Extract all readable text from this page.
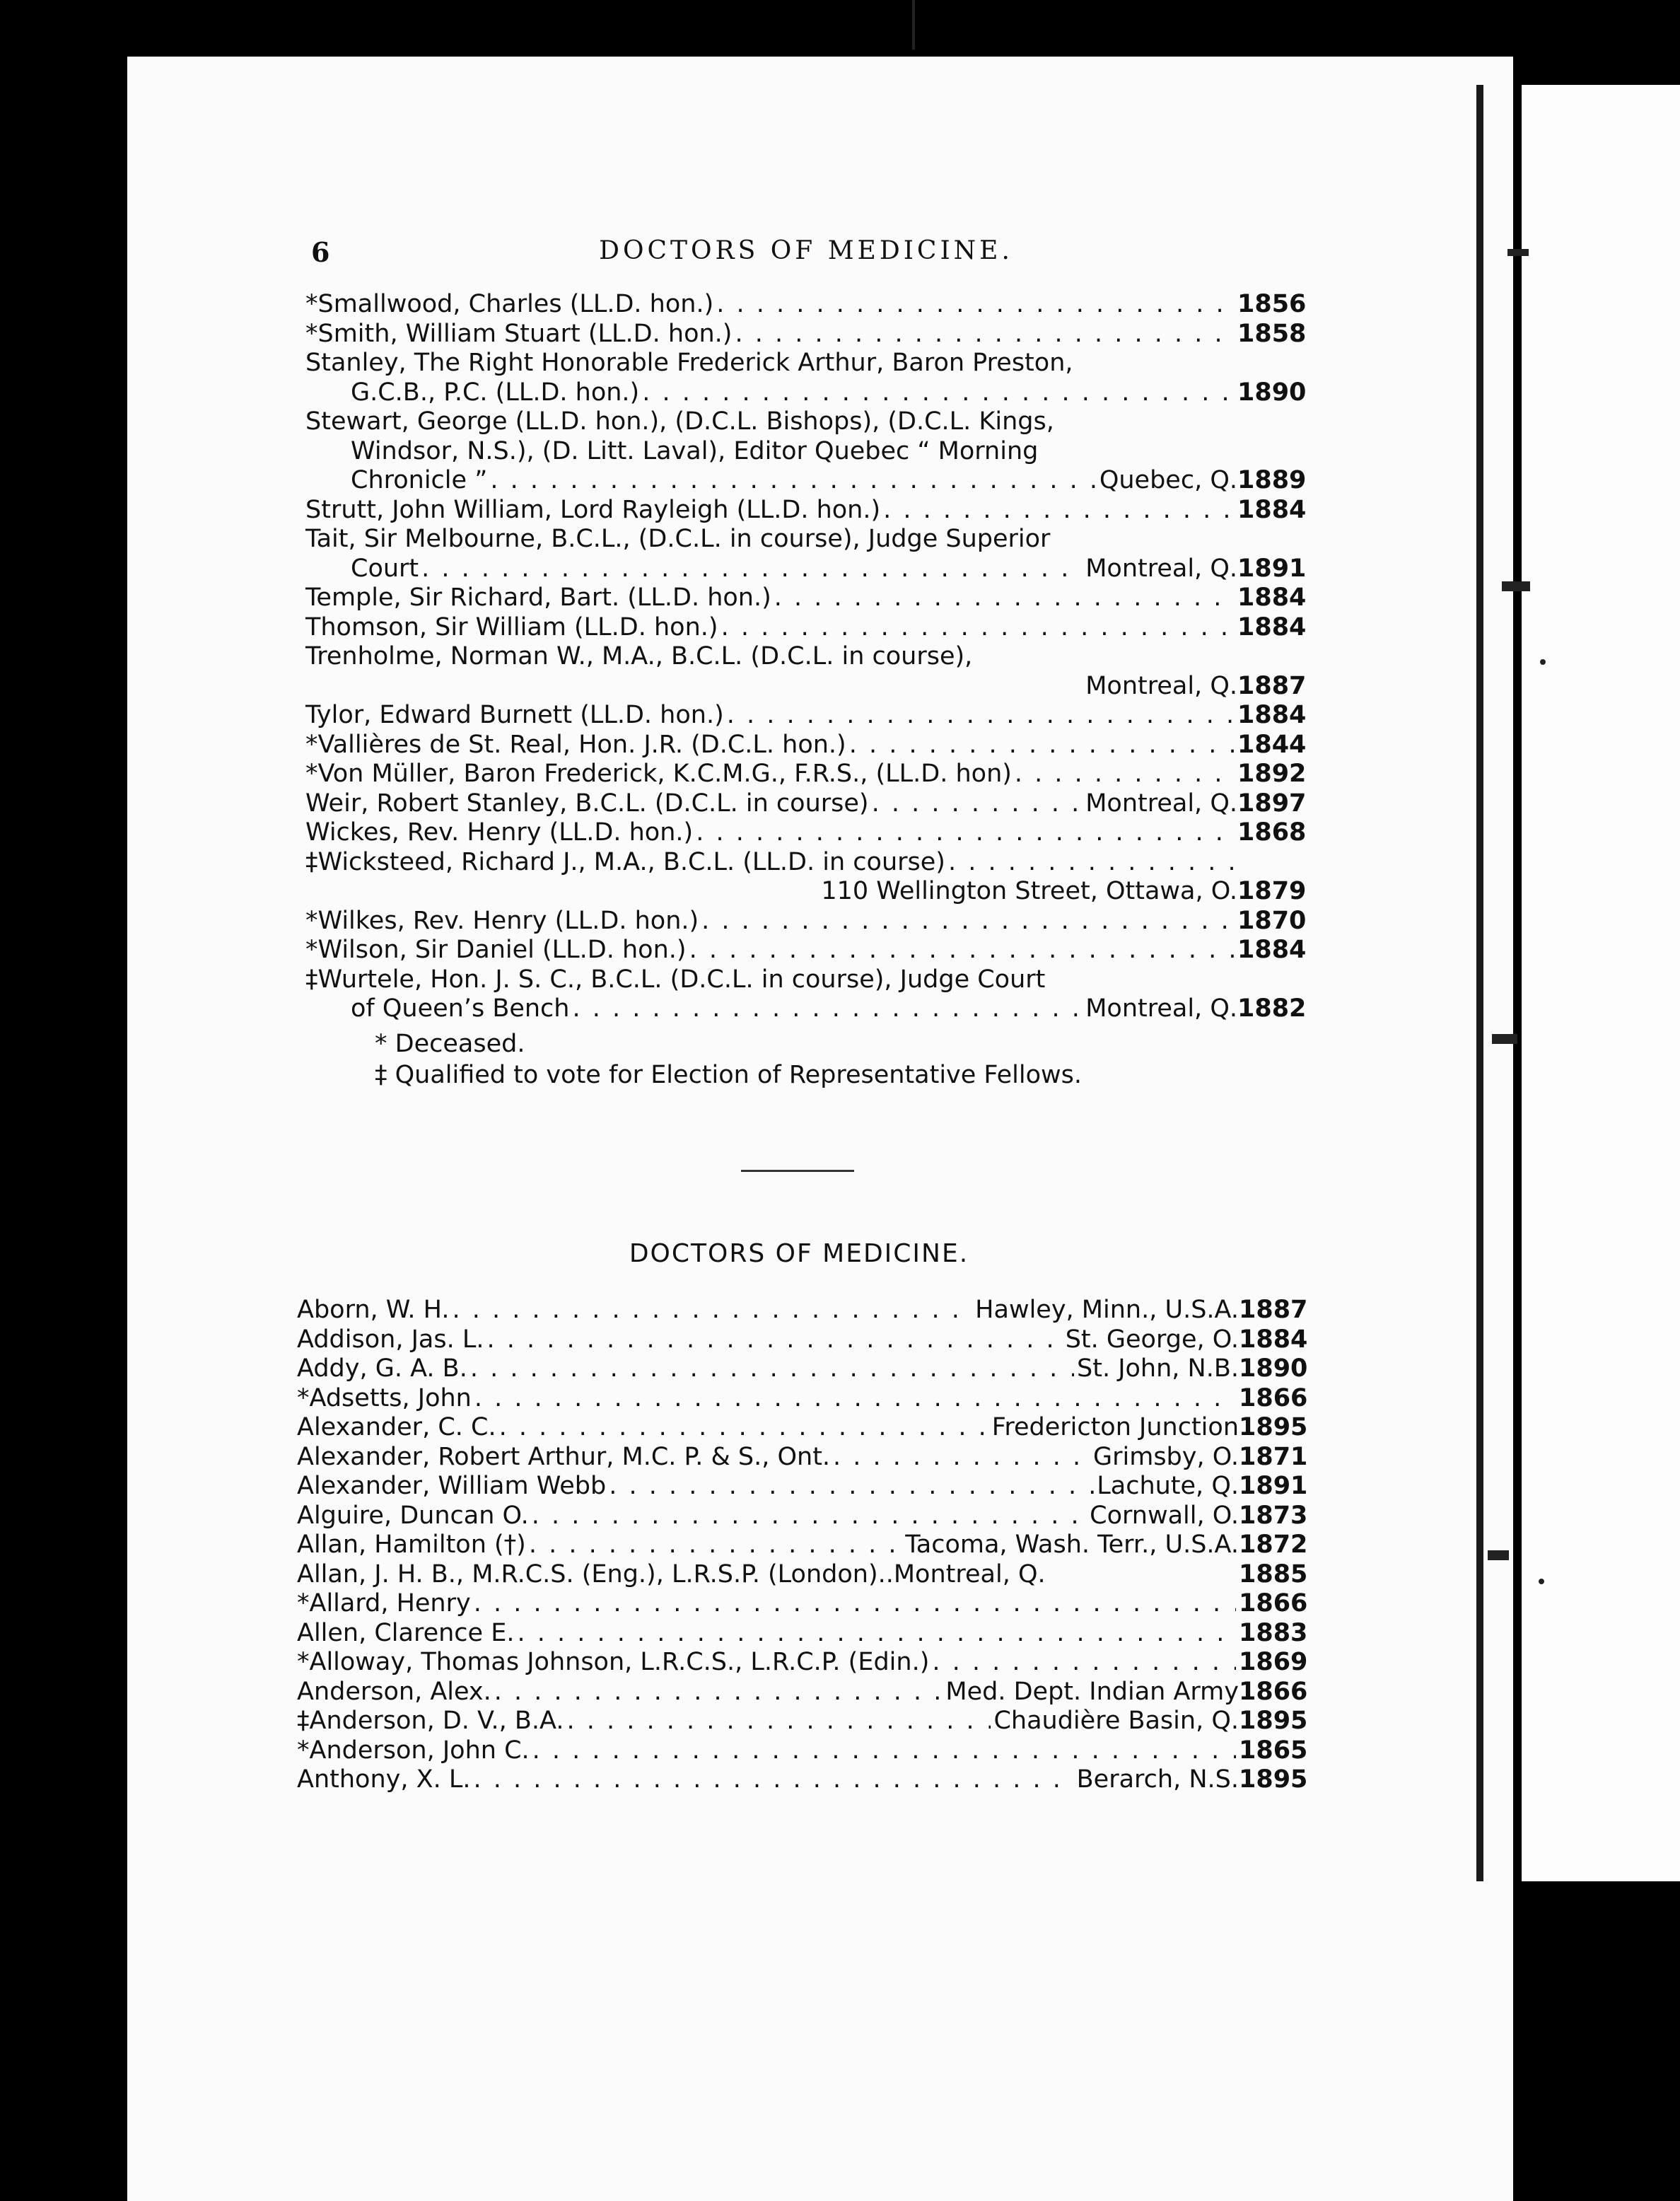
6	DOCTORS OF MEDICINE.
*Smallwood, Charles (LL.D. hon.) . . .	1856
*Smith, William Stuart (LL.D. hon.) . . .	1858
Stanley, The Right Honorable Frederick Arthur, Baron Preston,
G.C.B., P.C. (LL.D. hon.) . . .	1890
Stewart, George (LL.D. hon.), (D.C.L. Bishops), (D.C.L. Kings,
Windsor, N.S.), (D. Litt. Laval), Editor Quebec “ Morning
Chronicle ” . . .	Quebec, Q. 1889
Strutt, John William, Lord Rayleigh (LL.D. hon.) . . .	1884
Tait, Sir Melbourne, B.C.L., (D.C.L. in course), Judge Superior
Court . . .	Montreal, Q. 1891
Temple, Sir Richard, Bart. (LL.D. hon.) . . .	1884
Thomson, Sir William (LL.D. hon.) . . .	1884
Trenholme, Norman W., M.A., B.C.L. (D.C.L. in course),
Montreal, Q. 1887
Tylor, Edward Burnett (LL.D. hon.) . . .	1884
*Vallières de St. Real, Hon. J.R. (D.C.L. hon.) . . .	1844
*Von Müller, Baron Frederick, K.C.M.G., F.R.S., (LL.D. hon) . . .	1892
Weir, Robert Stanley, B.C.L. (D.C.L. in course) . . .	Montreal, Q. 1897
Wickes, Rev. Henry (LL.D. hon.) . . .	1868
‡Wicksteed, Richard J., M.A., B.C.L. (LL.D. in course)
. . .
110 Wellington Street, Ottawa, O. 1879
*Wilkes, Rev. Henry (LL.D. hon.) . . .	1870
*Wilson, Sir Daniel (LL.D. hon.) . . .	1884
‡Wurtele, Hon. J. S. C., B.C.L. (D.C.L. in course), Judge Court
of Queen’s Bench . . .	Montreal, Q. 1882
* Deceased.
‡ Qualified to vote for Election of Representative Fellows.
DOCTORS OF MEDICINE.
Aborn, W. H. . . .	Hawley, Minn., U.S.A. 1887
Addison, Jas. L. . . .	St. George, O. 1884
Addy, G. A. B. . . .	St. John, N.B. 1890
*Adsetts, John . . .	1866
Alexander, C. C. . . .	Fredericton Junction 1895
Alexander, Robert Arthur, M.C. P. & S., Ont. . . .	Grimsby, O. 1871
Alexander, William Webb . . .	Lachute, Q. 1891
Alguire, Duncan O. . . .	Cornwall, O. 1873
Allan, Hamilton (†) . . .	Tacoma, Wash. Terr., U.S.A. 1872
Allan, J. H. B., M.R.C.S. (Eng.), L.R.S.P. (London)..Montreal, Q.	1885
*Allard, Henry . . .	1866
Allen, Clarence E. . . .	1883
*Alloway, Thomas Johnson, L.R.C.S., L.R.C.P. (Edin.) . . .	1869
Anderson, Alex. . . .	Med. Dept. Indian Army 1866
‡Anderson, D. V., B.A. . . .	Chaudière Basin, Q. 1895
*Anderson, John C. . . .	1865
Anthony, X. L. . . .	Berarch, N.S. 1895
